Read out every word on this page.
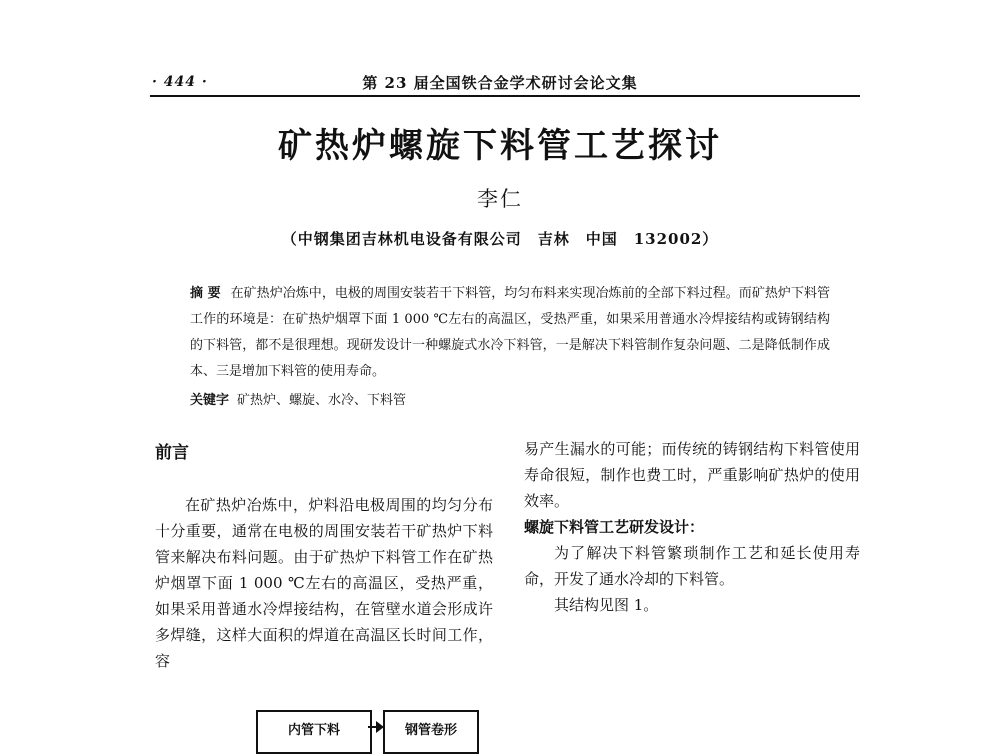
· 444 ·	第 23 届全国铁合金学术研讨会论文集
矿热炉螺旋下料管工艺探讨
李仁
（中钢集团吉林机电设备有限公司　吉林　中国　132002）
摘 要 在矿热炉冶炼中，电极的周围安装若干下料管，均匀布料来实现冶炼前的全部下料过程。而矿热炉下料管工作的环境是：在矿热炉烟罩下面 1 000 ℃左右的高温区，受热严重，如果采用普通水冷焊接结构或铸钢结构的下料管，都不是很理想。现研发设计一种螺旋式水冷下料管，一是解决下料管制作复杂问题、二是降低制作成本、三是增加下料管的使用寿命。
关键字 矿热炉、螺旋、水冷、下料管
前言

在矿热炉冶炼中，炉料沿电极周围的均匀分布十分重要，通常在电极的周围安装若干矿热炉下料管来解决布料问题。由于矿热炉下料管工作在矿热炉烟罩下面 1 000 ℃左右的高温区，受热严重，如果采用普通水冷焊接结构，在管壁水道会形成许多焊缝，这样大面积的焊道在高温区长时间工作，容

易产生漏水的可能；而传统的铸钢结构下料管使用寿命很短，制作也费工时，严重影响矿热炉的使用效率。

螺旋下料管工艺研发设计：

为了解决下料管繁琐制作工艺和延长使用寿命，开发了通水冷却的下料管。

其结构见图 1。

内管下料	钢管卷形
